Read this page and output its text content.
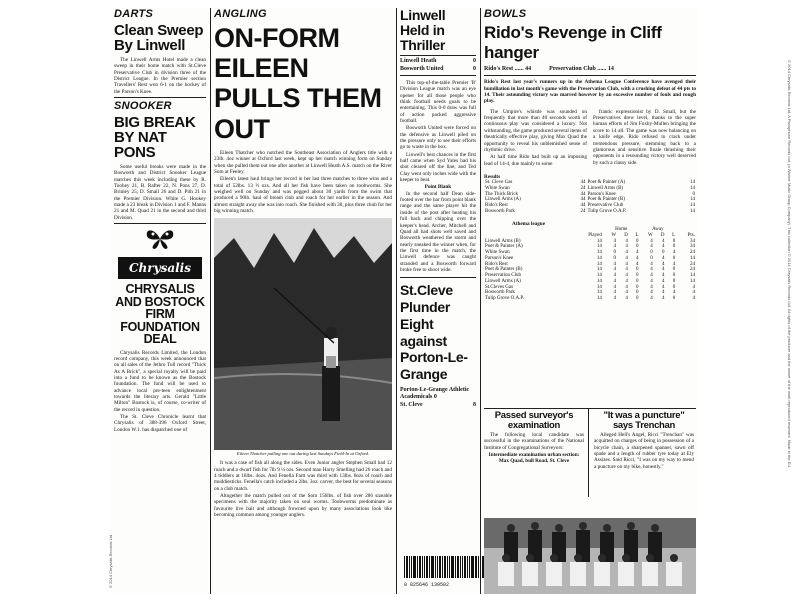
DARTS
Clean Sweep By Linwell

The Linwell Arms Hotel made a clean sweep in their home match with St.Cleve Preservative Club in division three of the District League. In the Premier section Travellers' Rest won 6-1 on the hockey of the Parson's Knee.

SNOOKER
BIG BREAK BY NAT PONS

Some useful breaks were made in the Bosworth and District Snooker League matches this week including these by R. Toohey 21, B. Rafter 22, N. Pons 27, D. Brinley 25, D. Small 26 and D. Pith 21 in the Premier Division. White G. Hookey made a 23 break in Division 1 and F. Manns 21 and M. Quad 21 in the second and third Division.

Chrysalis
CHRYSALIS AND BOSTOCK FIRM FOUNDATION DEAL

Chrysalis Records Limited, the London record company, this week announced that on all sales of the Jethro Tull record "Thick As A Brick", a special royalty will be paid into a fund to be known as the Bostock foundation. The fund will be used to advance local pre-teen enlightenment towards the literary arts. Gerald "Little Milton" Bostock is, of course, co-writer of the record in question.

The St. Cleve Chronicle learnt that Chrysalis of 388-396 Oxford Street, London W.1. has dispatched one of

ANGLING
ON-FORM EILEEN PULLS THEM OUT

Eileen Thatcher who notched the Southeast Association of Anglers title with a 23lb. 4oz winner at Oxford last week, kept up her match winning form on Sunday when she pulled them out one after another at Linwell Heath A.S. match on the River Som at Feeley.

Eileen's latest haul brings her record in her last three matches to three wins and a total of 52lbs. 13 ½ ozs. And all her fish have been taken on toobworms. She weighed well on Sunday and was pegged about 30 yards from the swim that produced a 90lb. haul of bream club and roach for her earlier in the season. And almost straight away she was into roach. She finished with 30, plus three chub for her big winning match.

Eileen Thatcher pulling one out during last Sundays Field-In at Oxford.

It was a case of fish all along the sides. Even Junior angler Stephen Small had 12 roach and a dwarf fish for 7lb 9 ¼ ozs. Second man Harry Smelling had 26 roach and 4 tiddlers at 16lbs. 4ozs. And Fenella Fartt was third with 13lbs. 8ozs of roach and muddiesticks. Fenella's catch included a 2lbs. 3oz. carver, the best for several seasons on a club match.

Altogether the match pulled out of the Som 156lbs. of fish over 286 sizeable specimens with the majority taken on soul worms. Toobworms predominate as favourite live bait and although frowned upon by many associations look like becoming common among younger anglers.

Linwell Held in Thriller
Linwell Heath	0
Bosworth United	0

This top-of-the-table Premier 'B' Division League match was an eye opener for all those people who think football needs goals to be entertaining. This 0-0 draw was full of action packed aggressive football.

Bosworth United were forced on the defensive as Linwell piled on the pressure only to see their efforts go to waste in the box.

Linwell's best chances in the first half came when Syd Yates had his shot cleared off the line, and Ted Clay went only inches wide with the keeper to beat.

Point Blank

In the second half Dean side-footed over the bar from point blank range and the same player hit the inside of the post after beating his full back and chipping over the keeper's head. Archer, Mitchell and Quad all had shots well saved and Bosworth weathered the storm and nearly sneaked the winner when, for the first time in the match, the Linwell defence was caught stranded and a Bosworth forward broke free to shoot wide.

St.Cleve Plunder Eight against Porton-Le-Grange
Porton-Le-Grange Athletic Academicals 0
St. Cleve	8
BOWLS
Rido's Revenge in Cliff hanger
Rido's Rest ...... 44	Preservation Club ...... 14
Rido's Rest last year's runners up in the Athema League Conference have avenged their humiliation in last month's game with the Preservation Club, with a crushing defeat of 44 pts to 14. Their astounding victory was marred however by an excessive number of fouls and rough play.

The Umpire's whistle was sounded on frequently that more than 40 seconds worth of continuous play was considered a luxury. Not withstanding, the game produced several items of theatrically effective play, giving Max Quad the opportunity to reveal his unblemished sense of rhythmic drive.

At half time Rido had built up an imposing lead of 14-4, due mainly to some

frantic expressionist by D. Small, but the Preservatives drew level, thanks to the super human efforts of Jim Foxby-Mullen bringing the score to 14 all. The game was now balancing on a knife edge. Rido refused to crack under tremendous pressure, stemming back to a glamorous and sensitive finale thrashing their opponents in a resounding victory well deserved by such a classy side.

Results
St. Cleve Gas	44	Poet & Painter (A)	14
White Swan	24	Linwell Arms (B)	14
The Thick Brick	44	Parson's Knee	0
Linwell Arms (A)	44	Poet & Painter (B)	14
Rido's Rest	44	Preservative Club	14
Bosworth Park	24	Tulip Grove O.A.P.	14
Athema league
		Home			Away			
	Played	W	D	L	W	D	L	Pts.
Linwell Arms (B)	14	4	4	0	4	4	0	34
Poet & Painter (A)	14	4	4	0	4	4	0	34
White Swan	14	0	4	4	0	0	4	24
Parson's Knee	14	0	4	4	0	4	0	14
Rido's Rest	14	4	4	4	4	4	4	24
Poet & Painter (B)	14	4	4	0	4	4	0	24
Preservation Club	14	4	4	0	4	4	0	14
Linwell Arms (A)	14	4	4	0	4	4	0	14
St.Cleves Gas	14	4	4	0	4	4	0	4
Bosworth Park	14	4	4	0	4	4	4	4
Tulip Grove O.A.P.	14	4	4	0	4	4	0	4
Passed surveyor's examination

The following local candidate was successful in the examinations of the National Institute of Congregational Surveyors:

Intermediate examination urban section:
Max Quad, bull Road, St. Cleve
"It was a puncture" says Trenchan

Alleged Hell's Angel, Ricci "Trenchan" was acquitted on charges of being in possession of a bicycle chain, a sharpened spanner, sawn off spade and a length of rubber tyre today at Ely Assizes. Said Ricci, "I was on my way to mend a puncture on my bike, honestly."

0 825646 139502
© 2014 Chrysalis Records Ltd. A Parlophone Records Ltd. (a Warner Music Group Company). This collection © 2014 Chrysalis Records Ltd. All rights of the producer and the owner of the work reproduced reserved. Made in the EU.
© 2014 Chrysalis Records Ltd
